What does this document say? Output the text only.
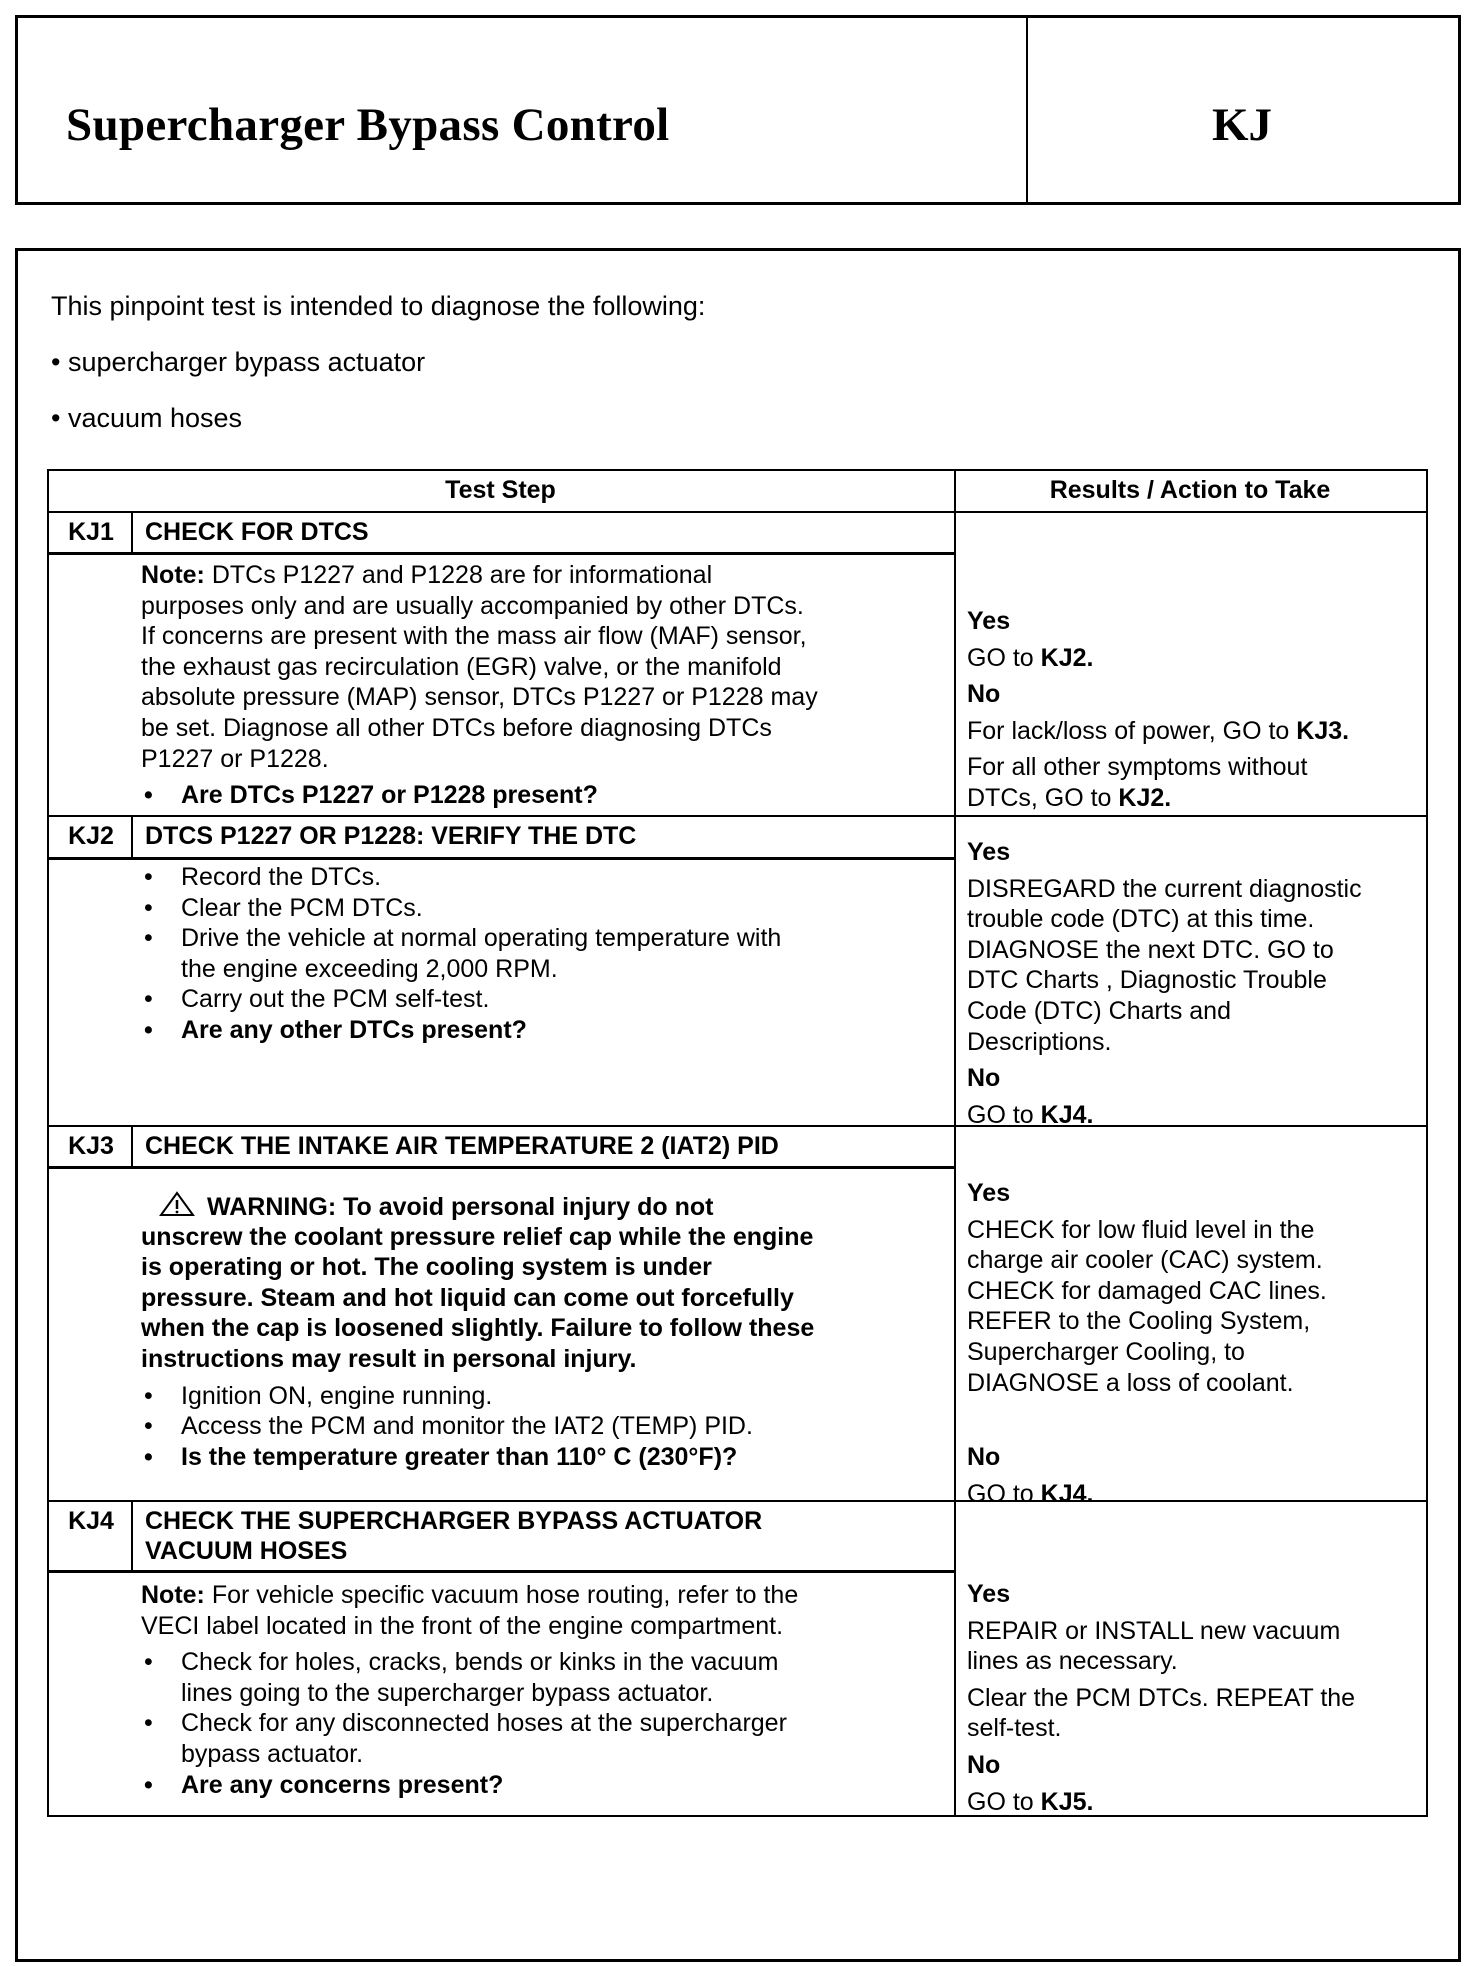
Supercharger Bypass Control	KJ
This pinpoint test is intended to diagnose the following:
• supercharger bypass actuator
• vacuum hoses
Test Step	Results / Action to Take
KJ1	CHECK FOR DTCS
Note: DTCs P1227 and P1228 are for informational
purposes only and are usually accompanied by other DTCs.
If concerns are present with the mass air flow (MAF) sensor,
the exhaust gas recirculation (EGR) valve, or the manifold
absolute pressure (MAP) sensor, DTCs P1227 or P1228 may
be set. Diagnose all other DTCs before diagnosing DTCs
P1227 or P1228.
• Are DTCs P1227 or P1228 present?
Yes
GO to KJ2.
No
For lack/loss of power, GO to KJ3.
For all other symptoms without
DTCs, GO to KJ2.
KJ2	DTCS P1227 OR P1228: VERIFY THE DTC
• Record the DTCs.
• Clear the PCM DTCs.
• Drive the vehicle at normal operating temperature with
the engine exceeding 2,000 RPM.
• Carry out the PCM self-test.
• Are any other DTCs present?
Yes
DISREGARD the current diagnostic
trouble code (DTC) at this time.
DIAGNOSE the next DTC. GO to
DTC Charts , Diagnostic Trouble
Code (DTC) Charts and
Descriptions.
No
GO to KJ4.
KJ3	CHECK THE INTAKE AIR TEMPERATURE 2 (IAT2) PID
WARNING: To avoid personal injury do not
unscrew the coolant pressure relief cap while the engine
is operating or hot. The cooling system is under
pressure. Steam and hot liquid can come out forcefully
when the cap is loosened slightly. Failure to follow these
instructions may result in personal injury.
• Ignition ON, engine running.
• Access the PCM and monitor the IAT2 (TEMP) PID.
• Is the temperature greater than 110° C (230°F)?
Yes
CHECK for low fluid level in the
charge air cooler (CAC) system.
CHECK for damaged CAC lines.
REFER to the Cooling System,
Supercharger Cooling, to
DIAGNOSE a loss of coolant.
No
GO to KJ4.
KJ4	CHECK THE SUPERCHARGER BYPASS ACTUATOR
VACUUM HOSES
Note: For vehicle specific vacuum hose routing, refer to the
VECI label located in the front of the engine compartment.
• Check for holes, cracks, bends or kinks in the vacuum
lines going to the supercharger bypass actuator.
• Check for any disconnected hoses at the supercharger
bypass actuator.
• Are any concerns present?
Yes
REPAIR or INSTALL new vacuum
lines as necessary.
Clear the PCM DTCs. REPEAT the
self-test.
No
GO to KJ5.
